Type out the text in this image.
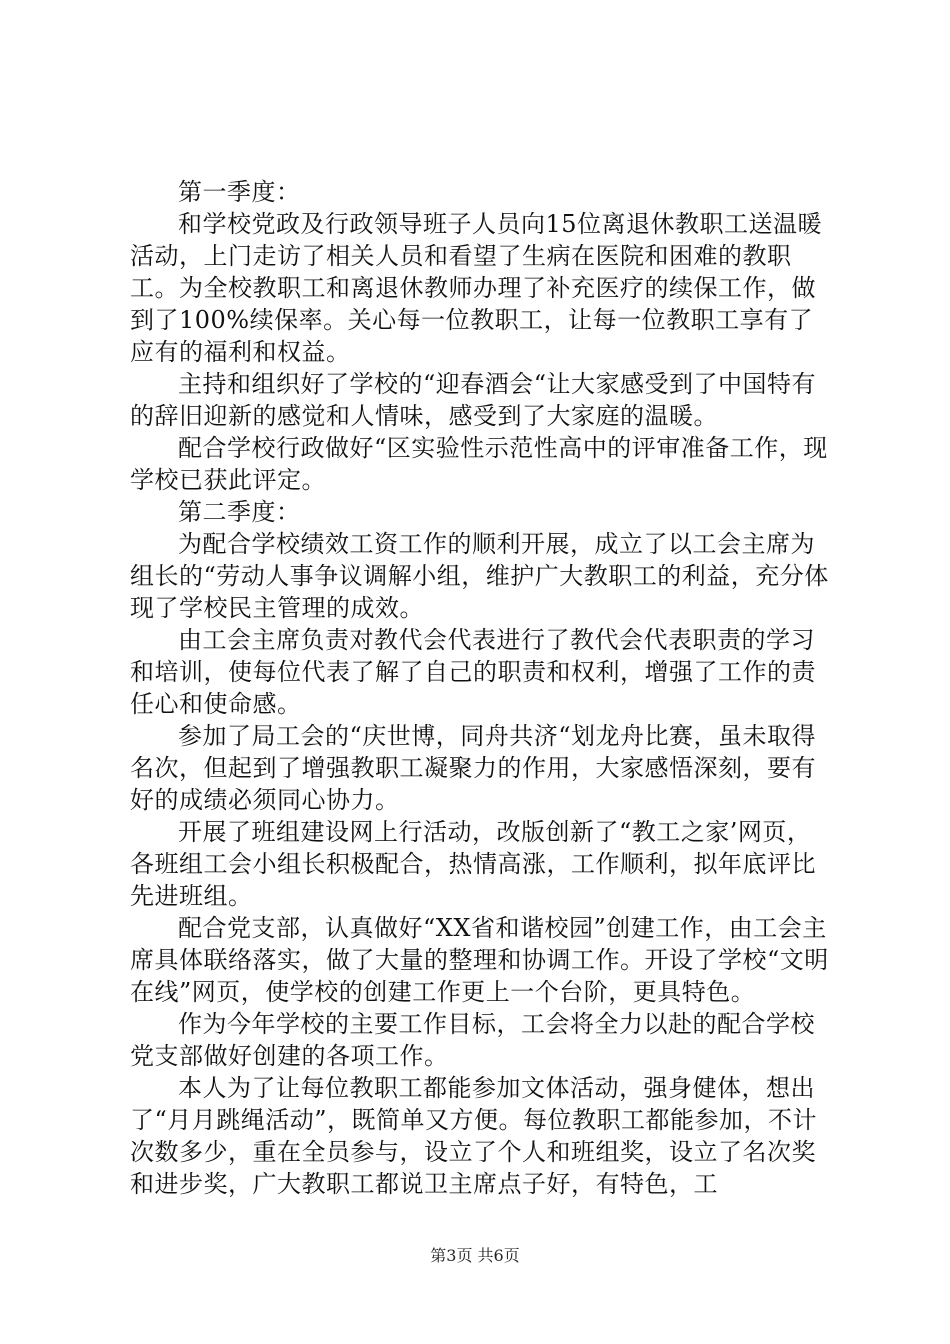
第一季度：

和学校党政及行政领导班子人员向15位离退休教职工送温暖活动，上门走访了相关人员和看望了生病在医院和困难的教职工。为全校教职工和离退休教师办理了补充医疗的续保工作，做到了100%续保率。关心每一位教职工，让每一位教职工享有了应有的福利和权益。

主持和组织好了学校的“迎春酒会“让大家感受到了中国特有的辞旧迎新的感觉和人情味，感受到了大家庭的温暖。

配合学校行政做好“区实验性示范性高中的评审准备工作，现学校已获此评定。

第二季度：

为配合学校绩效工资工作的顺利开展，成立了以工会主席为组长的“劳动人事争议调解小组，维护广大教职工的利益，充分体现了学校民主管理的成效。

由工会主席负责对教代会代表进行了教代会代表职责的学习和培训，使每位代表了解了自己的职责和权利，增强了工作的责任心和使命感。

参加了局工会的“庆世博，同舟共济“划龙舟比赛，虽未取得名次，但起到了增强教职工凝聚力的作用，大家感悟深刻，要有好的成绩必须同心协力。

开展了班组建设网上行活动，改版创新了“教工之家’网页，各班组工会小组长积极配合，热情高涨，工作顺利，拟年底评比先进班组。

配合党支部，认真做好“XX省和谐校园”创建工作，由工会主席具体联络落实，做了大量的整理和协调工作。开设了学校“文明在线”网页，使学校的创建工作更上一个台阶，更具特色。

作为今年学校的主要工作目标，工会将全力以赴的配合学校党支部做好创建的各项工作。

本人为了让每位教职工都能参加文体活动，强身健体，想出了“月月跳绳活动”，既简单又方便。每位教职工都能参加，不计次数多少，重在全员参与，设立了个人和班组奖，设立了名次奖和进步奖，广大教职工都说卫主席点子好，有特色，工

第3页 共6页
